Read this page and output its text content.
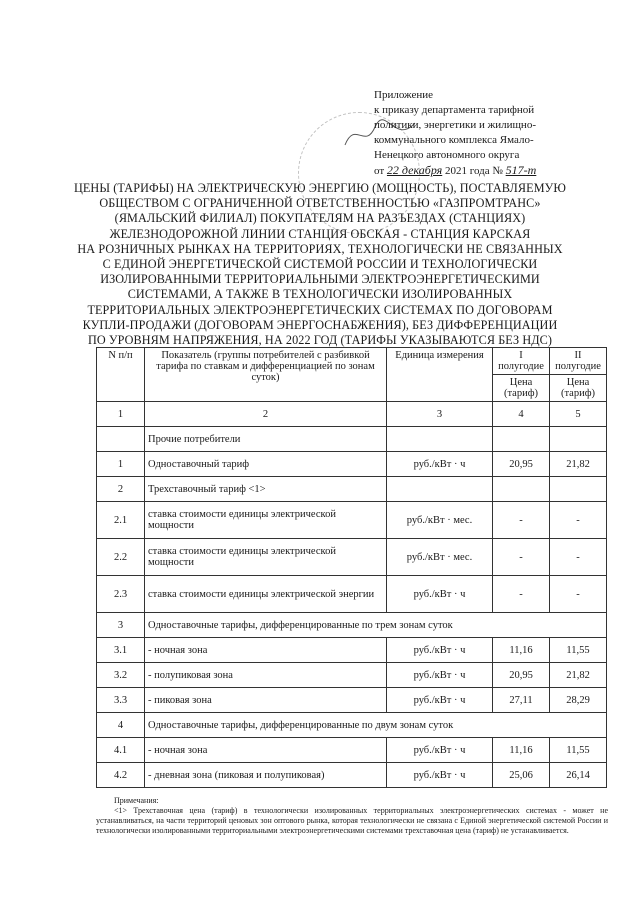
Приложение
к приказу департамента тарифной
политики, энергетики и жилищно-
коммунального комплекса Ямало-
Ненецкого автономного округа
от 22 декабря 2021 года № 517-т
ЦЕНЫ (ТАРИФЫ) НА ЭЛЕКТРИЧЕСКУЮ ЭНЕРГИЮ (МОЩНОСТЬ), ПОСТАВЛЯЕМУЮ
ОБЩЕСТВОМ С ОГРАНИЧЕННОЙ ОТВЕТСТВЕННОСТЬЮ «ГАЗПРОМТРАНС»
(ЯМАЛЬСКИЙ ФИЛИАЛ) ПОКУПАТЕЛЯМ НА РАЗЪЕЗДАХ (СТАНЦИЯХ)
ЖЕЛЕЗНОДОРОЖНОЙ ЛИНИИ СТАНЦИЯ ОБСКАЯ - СТАНЦИЯ КАРСКАЯ
НА РОЗНИЧНЫХ РЫНКАХ НА ТЕРРИТОРИЯХ, ТЕХНОЛОГИЧЕСКИ НЕ СВЯЗАННЫХ
С ЕДИНОЙ ЭНЕРГЕТИЧЕСКОЙ СИСТЕМОЙ РОССИИ И ТЕХНОЛОГИЧЕСКИ
ИЗОЛИРОВАННЫМИ ТЕРРИТОРИАЛЬНЫМИ ЭЛЕКТРОЭНЕРГЕТИЧЕСКИМИ
СИСТЕМАМИ, А ТАКЖЕ В ТЕХНОЛОГИЧЕСКИ ИЗОЛИРОВАННЫХ
ТЕРРИТОРИАЛЬНЫХ ЭЛЕКТРОЭНЕРГЕТИЧЕСКИХ СИСТЕМАХ ПО ДОГОВОРАМ
КУПЛИ-ПРОДАЖИ (ДОГОВОРАМ ЭНЕРГОСНАБЖЕНИЯ), БЕЗ ДИФФЕРЕНЦИАЦИИ
ПО УРОВНЯМ НАПРЯЖЕНИЯ, НА 2022 ГОД (ТАРИФЫ УКАЗЫВАЮТСЯ БЕЗ НДС)
N п/п	Показатель (группы потребителей с разбивкой тарифа по ставкам и дифференциацией по зонам суток)	Единица измерения	I полугодие	II полугодие
			Цена (тариф)	Цена (тариф)
1	2	3	4	5
	Прочие потребители			
1	Одноставочный тариф	руб./кВт · ч	20,95	21,82
2	Трехставочный тариф <1>			
2.1	ставка стоимости единицы электрической мощности	руб./кВт · мес.	-	-
2.2	ставка стоимости единицы электрической мощности	руб./кВт · мес.	-	-
2.3	ставка стоимости единицы электрической энергии	руб./кВт · ч	-	-
3	Одноставочные тарифы, дифференцированные по трем зонам суток			
3.1	- ночная зона	руб./кВт · ч	11,16	11,55
3.2	- полупиковая зона	руб./кВт · ч	20,95	21,82
3.3	- пиковая зона	руб./кВт · ч	27,11	28,29
4	Одноставочные тарифы, дифференцированные по двум зонам суток			
4.1	- ночная зона	руб./кВт · ч	11,16	11,55
4.2	- дневная зона (пиковая и полупиковая)	руб./кВт · ч	25,06	26,14
Примечания:
<1> Трехставочная цена (тариф) в технологически изолированных территориальных электроэнергетических системах - может не устанавливаться, на части территорий ценовых зон оптового рынка, которая технологически не связана с Единой энергетической системой России и технологически изолированными территориальными электроэнергетическими системами трехставочная цена (тариф) не устанавливается.
